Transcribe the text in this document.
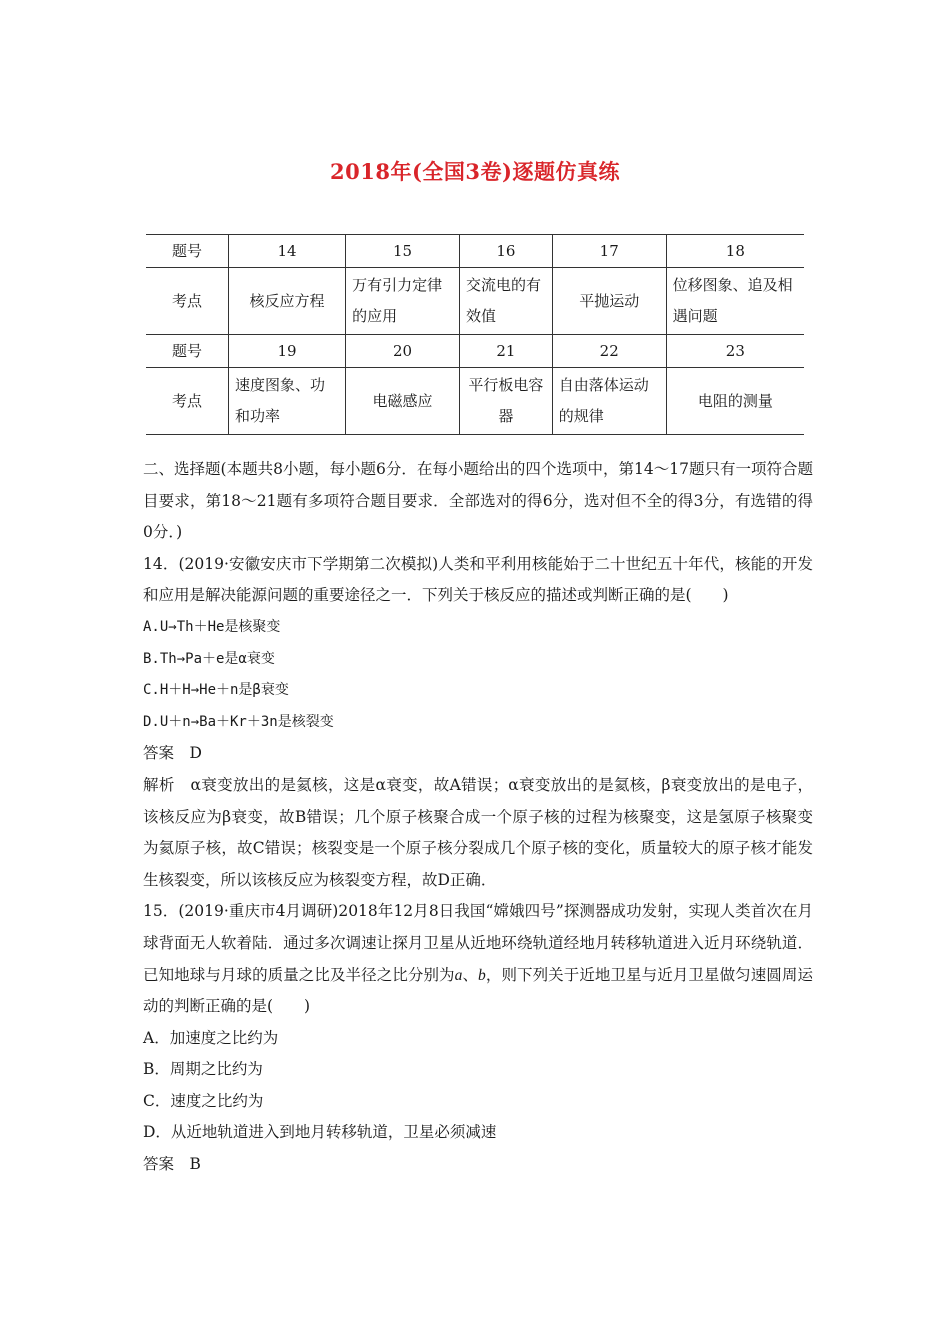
2018年(全国3卷)逐题仿真练
题号	14	15	16	17	18
考点	核反应方程	万有引力定律的应用	交流电的有效值	平抛运动	位移图象、追及相遇问题
题号	19	20	21	22	23
考点	速度图象、功和功率	电磁感应	平行板电容器	自由落体运动的规律	电阻的测量

二、选择题(本题共8小题，每小题6分．在每小题给出的四个选项中，第14～17题只有一项符合题目要求，第18～21题有多项符合题目要求．全部选对的得6分，选对但不全的得3分，有选错的得0分．)

14．(2019·安徽安庆市下学期第二次模拟)人类和平利用核能始于二十世纪五十年代，核能的开发和应用是解决能源问题的重要途径之一．下列关于核反应的描述或判断正确的是(　　)

A.U→Th＋He是核聚变

B.Th→Pa＋e是α衰变

C.H＋H→He＋n是β衰变

D.U＋n→Ba＋Kr＋3n是核裂变

答案　D

解析　α衰变放出的是氦核，这是α衰变，故A错误；α衰变放出的是氦核，β衰变放出的是电子，该核反应为β衰变，故B错误；几个原子核聚合成一个原子核的过程为核聚变，这是氢原子核聚变为氦原子核，故C错误；核裂变是一个原子核分裂成几个原子核的变化，质量较大的原子核才能发生核裂变，所以该核反应为核裂变方程，故D正确．

15．(2019·重庆市4月调研)2018年12月8日我国“嫦娥四号”探测器成功发射，实现人类首次在月球背面无人软着陆．通过多次调速让探月卫星从近地环绕轨道经地月转移轨道进入近月环绕轨道．已知地球与月球的质量之比及半径之比分别为a、b，则下列关于近地卫星与近月卫星做匀速圆周运动的判断正确的是(　　)

A．加速度之比约为

B．周期之比约为

C．速度之比约为

D．从近地轨道进入到地月转移轨道，卫星必须减速

答案　B
